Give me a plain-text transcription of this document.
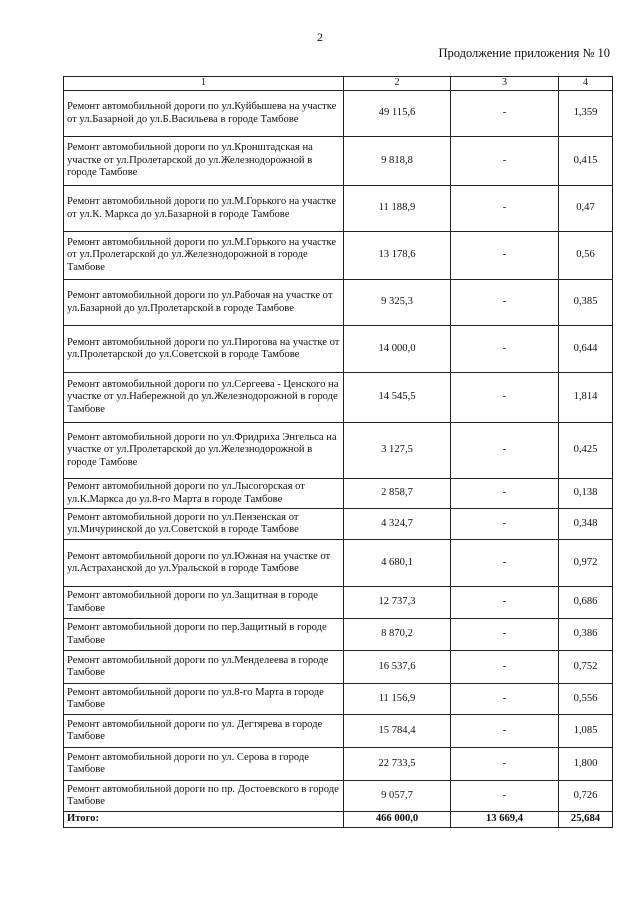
2
Продолжение приложения № 10
1	2	3	4
Ремонт автомобильной дороги по ул.Куйбышева на участке от ул.Базарной до ул.Б.Васильева в городе Тамбове	49 115,6	-	1,359
Ремонт автомобильной дороги по ул.Кронштадская на участке от ул.Пролетарской до ул.Железнодорожной в городе Тамбове	9 818,8	-	0,415
Ремонт автомобильной дороги по ул.М.Горького на участке от ул.К. Маркса до ул.Базарной в городе Тамбове	11 188,9	-	0,47
Ремонт автомобильной дороги по ул.М.Горького на участке от ул.Пролетарской до ул.Железнодорожной в городе Тамбове	13 178,6	-	0,56
Ремонт автомобильной дороги по ул.Рабочая на участке от ул.Базарной до ул.Пролетарской в городе Тамбове	9 325,3	-	0,385
Ремонт автомобильной дороги по ул.Пирогова на участке от ул.Пролетарской до ул.Советской в городе Тамбове	14 000,0	-	0,644
Ремонт автомобильной дороги по ул.Сергеева - Ценского на участке от ул.Набережной до ул.Железнодорожной в городе Тамбове	14 545,5	-	1,814
Ремонт автомобильной дороги по ул.Фридриха Энгельса на участке от ул.Пролетарской до ул.Железнодорожной в городе Тамбове	3 127,5	-	0,425
Ремонт автомобильной дороги по ул.Лысогорская от ул.К.Маркса до ул.8-го Марта в городе Тамбове	2 858,7	-	0,138
Ремонт автомобильной дороги по ул.Пензенская от ул.Мичуринской до ул.Советской в городе Тамбове	4 324,7	-	0,348
Ремонт автомобильной дороги по ул.Южная на участке от ул.Астраханской до ул.Уральской в городе Тамбове	4 680,1	-	0,972
Ремонт автомобильной дороги по ул.Защитная в городе Тамбове	12 737,3	-	0,686
Ремонт автомобильной дороги по пер.Защитный в городе Тамбове	8 870,2	-	0,386
Ремонт автомобильной дороги по ул.Менделеева в городе Тамбове	16 537,6	-	0,752
Ремонт автомобильной дороги по ул.8-го Марта в городе Тамбове	11 156,9	-	0,556
Ремонт автомобильной дороги по ул. Дегтярева в городе Тамбове	15 784,4	-	1,085
Ремонт автомобильной дороги по ул. Серова в городе Тамбове	22 733,5	-	1,800
Ремонт автомобильной дороги по пр. Достоевского в городе Тамбове	9 057,7	-	0,726
Итого:	466 000,0	13 669,4	25,684
